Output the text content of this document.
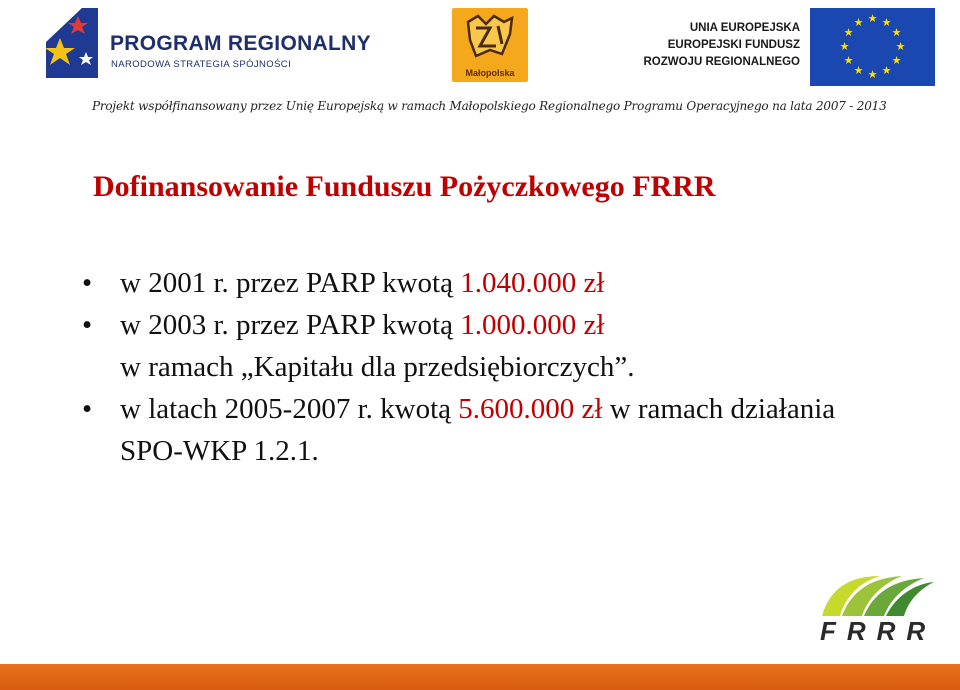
PROGRAM REGIONALNY
NARODOWA STRATEGIA SPÓJNOŚCI
Małopolska
UNIA EUROPEJSKA
EUROPEJSKI FUNDUSZ
ROZWOJU REGIONALNEGO
★ ★
★
★
★
★
★
★
★
★
★
★
Projekt współfinansowany przez Unię Europejską w ramach Małopolskiego Regionalnego Programu Operacyjnego na lata 2007 - 2013
Dofinansowanie Funduszu Pożyczkowego FRRR
• w 2001 r. przez PARP kwotą 1.040.000 zł
• w 2003 r. przez PARP kwotą 1.000.000 zł
w ramach „Kapitału dla przedsiębiorczych”.
• w latach 2005-2007 r. kwotą 5.600.000 zł w ramach działania SPO-WKP 1.2.1.
FRRR
